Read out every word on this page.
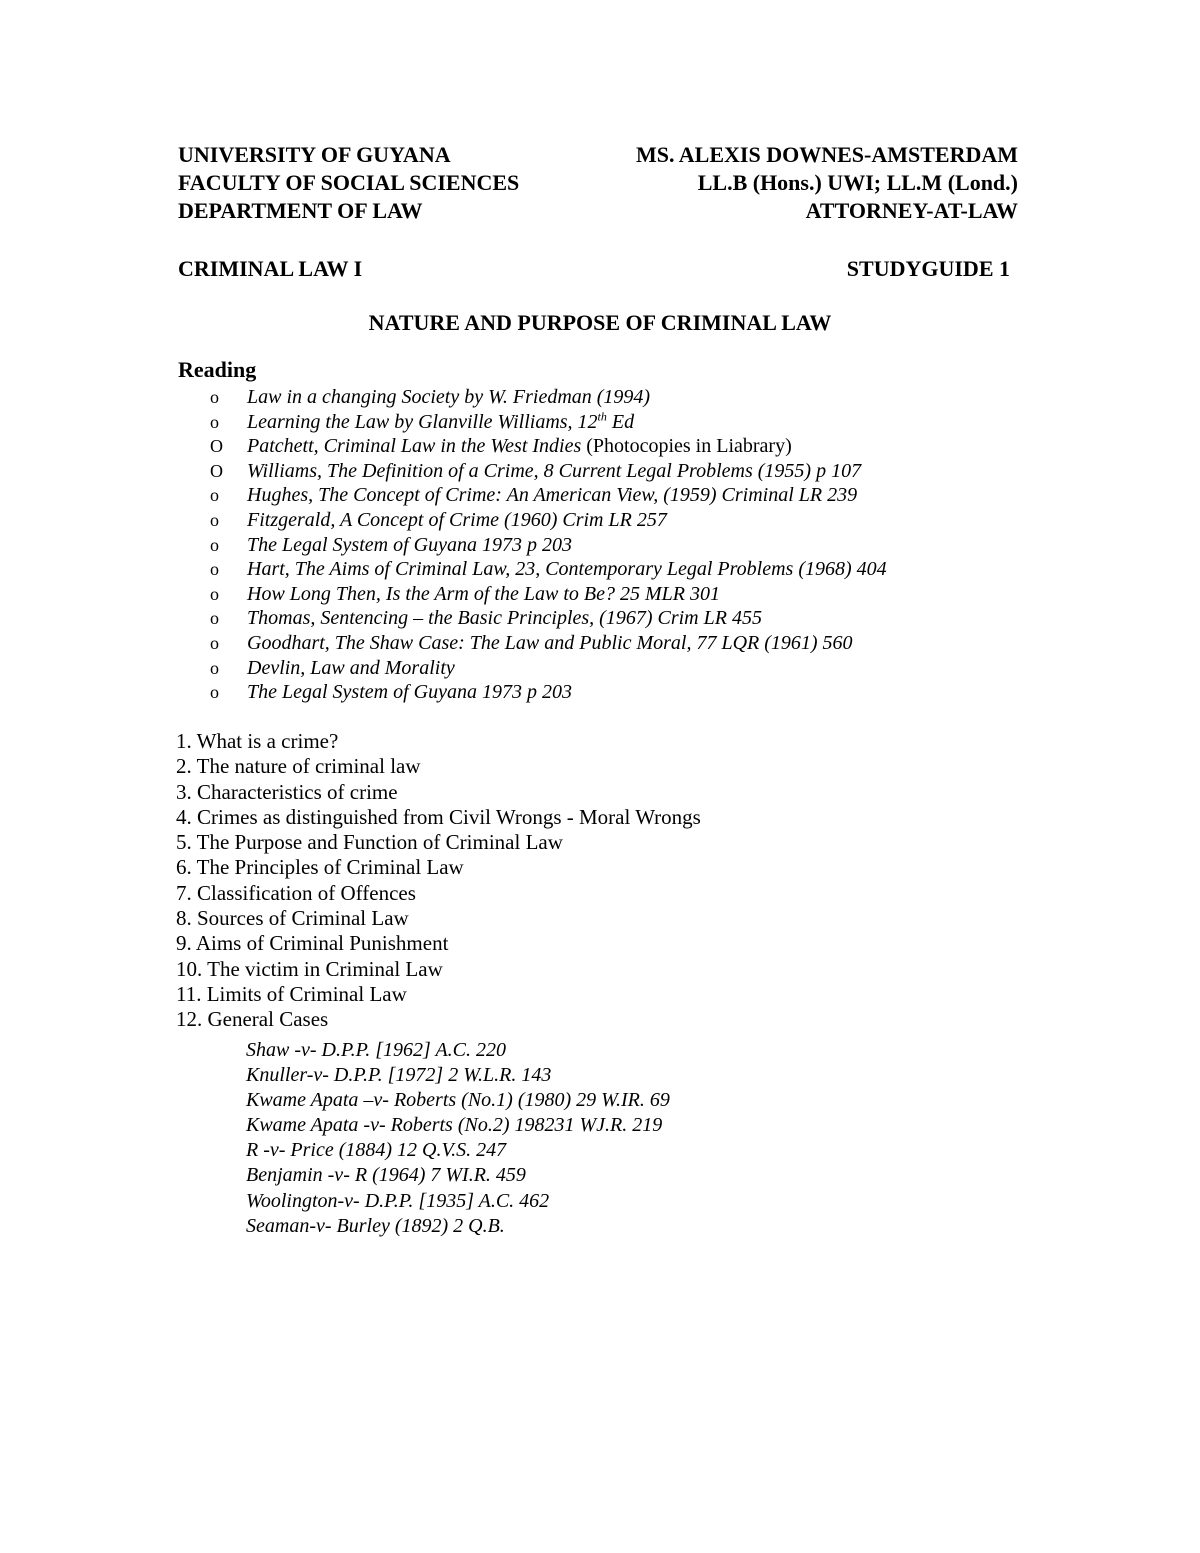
UNIVERSITY OF GUYANA
FACULTY OF SOCIAL SCIENCES
DEPARTMENT OF LAW
MS. ALEXIS DOWNES-AMSTERDAM
LL.B (Hons.) UWI; LL.M (Lond.)
ATTORNEY-AT-LAW
CRIMINAL LAW I	STUDYGUIDE 1
NATURE AND PURPOSE OF CRIMINAL LAW
Reading
o	Law in a changing Society by W. Friedman (1994)
o	Learning the Law by Glanville Williams, 12th Ed
O	Patchett, Criminal Law in the West Indies (Photocopies in Liabrary)
O	Williams, The Definition of a Crime, 8 Current Legal Problems (1955) p 107
o	Hughes, The Concept of Crime: An American View, (1959) Criminal LR 239
o	Fitzgerald, A Concept of Crime (1960) Crim LR 257
o	The Legal System of Guyana 1973 p 203
o	Hart, The Aims of Criminal Law, 23, Contemporary Legal Problems (1968) 404
o	How Long Then, Is the Arm of the Law to Be? 25 MLR 301
o	Thomas, Sentencing – the Basic Principles, (1967) Crim LR 455
o	Goodhart, The Shaw Case: The Law and Public Moral, 77 LQR (1961) 560
o	Devlin, Law and Morality
o	The Legal System of Guyana 1973 p 203
1. What is a crime?
2. The nature of criminal law
3. Characteristics of crime
4. Crimes as distinguished from Civil Wrongs - Moral Wrongs
5. The Purpose and Function of Criminal Law
6. The Principles of Criminal Law
7. Classification of Offences
8. Sources of Criminal Law
9. Aims of Criminal Punishment
10. The victim in Criminal Law
11. Limits of Criminal Law
12. General Cases
Shaw -v- D.P.P. [1962] A.C. 220
Knuller-v- D.P.P. [1972] 2 W.L.R. 143
Kwame Apata –v- Roberts (No.1) (1980) 29 W.IR. 69
Kwame Apata -v- Roberts (No.2) 198231 WJ.R. 219
R -v- Price (1884) 12 Q.V.S. 247
Benjamin -v- R (1964) 7 WI.R. 459
Woolington-v- D.P.P. [1935] A.C. 462
Seaman-v- Burley (1892) 2 Q.B.
